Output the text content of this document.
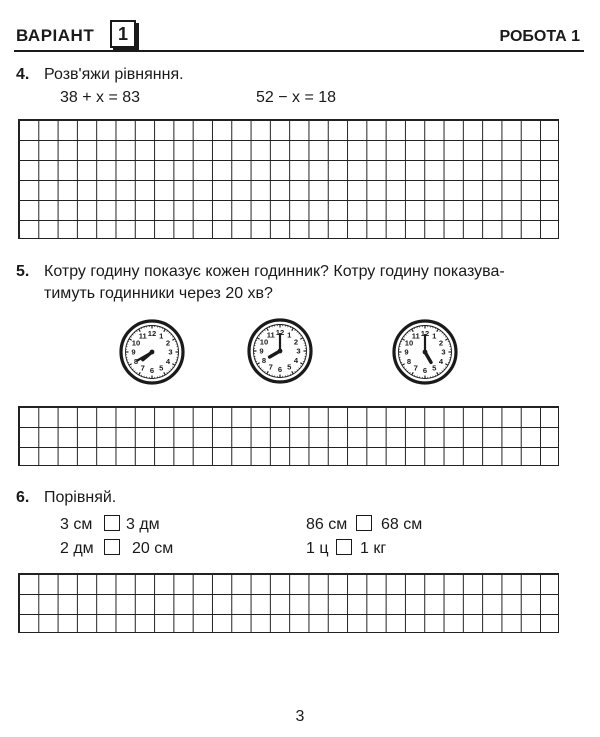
ВАРІАНТ	1	РОБОТА 1
4. Розв'яжи рівняння.
38 + x = 83	52 − x = 18
5. Котру годину показує кожен годинник? Котру годину показува-
тимуть годинники через 20 хв?
12 1
2
3
4
5
6
7
8
9
10
11	12 1
2
3
4
5
6
7
8
9
10
11	12 1
2
3
4
5
6
7
8
9
10
11
6. Порівняй.
3 см 3 дм	86 см 68 см
2 дм 20 см	1 ц 1 кг
3
